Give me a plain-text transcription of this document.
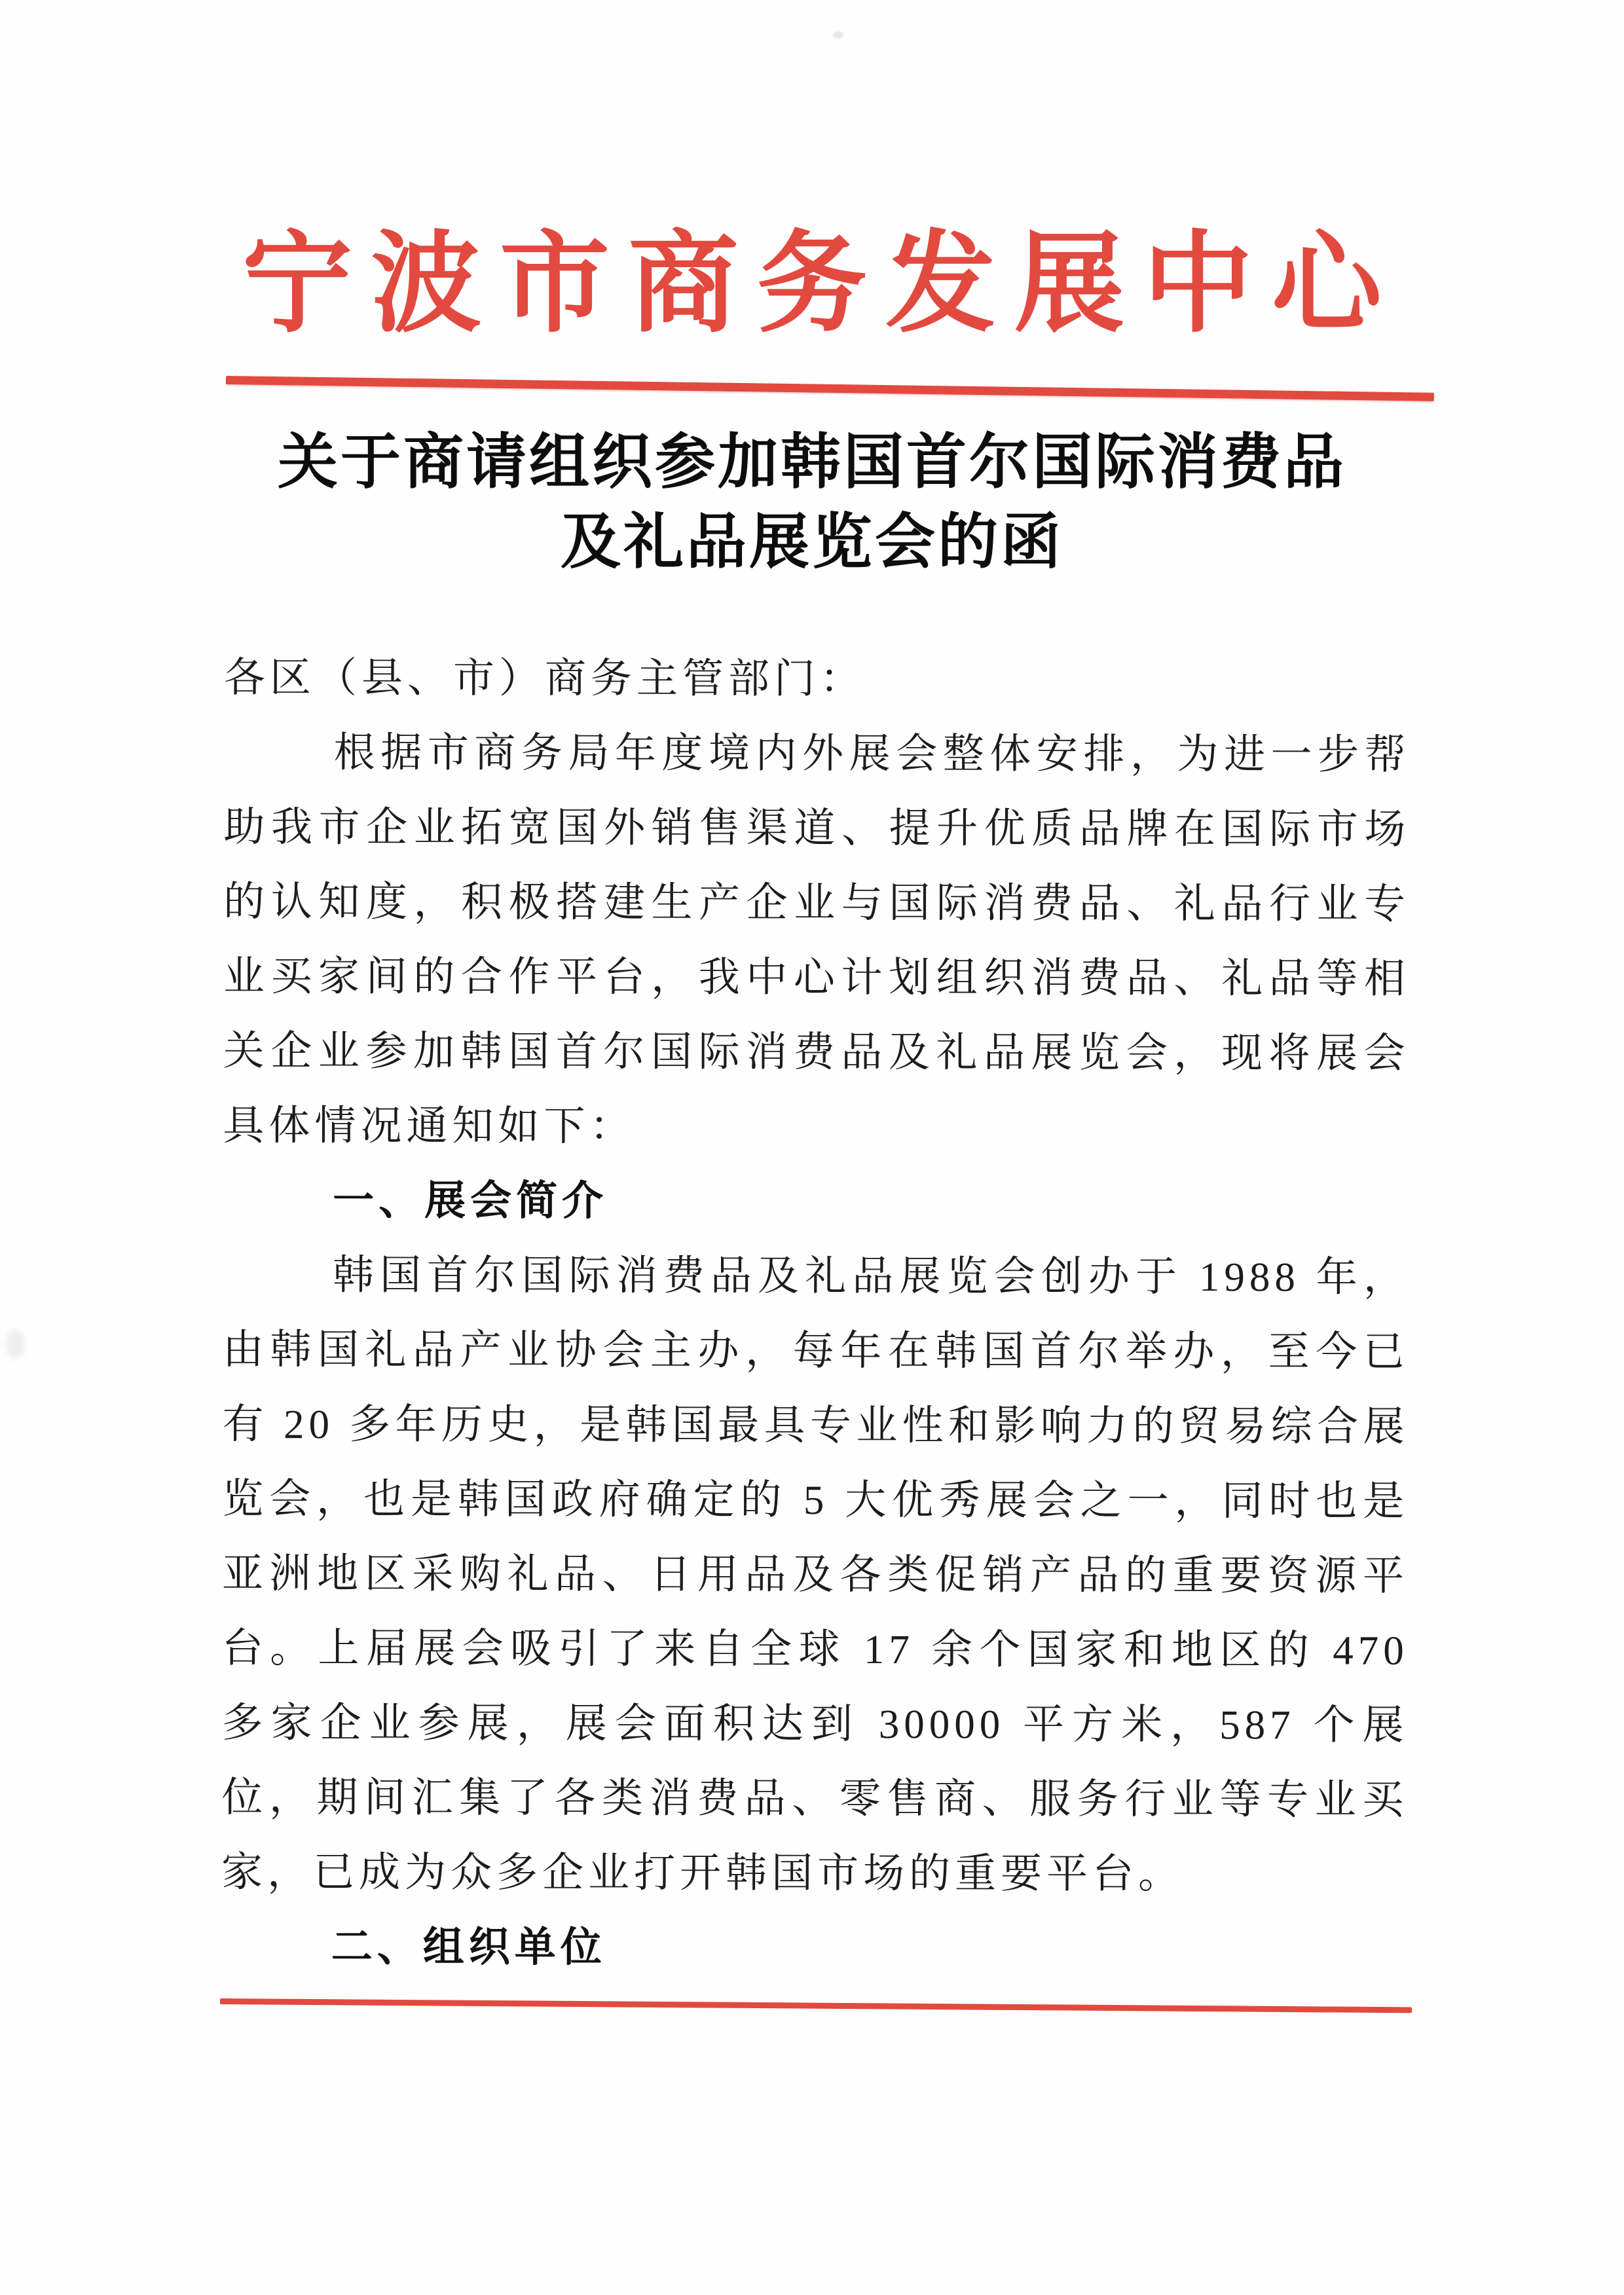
宁波市商务发展中心
关于商请组织参加韩国首尔国际消费品
及礼品展览会的函

各区（县、市）商务主管部门：

根据市商务局年度境内外展会整体安排，为进一步帮助我市企业拓宽国外销售渠道、提升优质品牌在国际市场的认知度，积极搭建生产企业与国际消费品、礼品行业专业买家间的合作平台，我中心计划组织消费品、礼品等相关企业参加韩国首尔国际消费品及礼品展览会，现将展会具体情况通知如下：

一、展会简介

韩国首尔国际消费品及礼品展览会创办于 1988 年，由韩国礼品产业协会主办，每年在韩国首尔举办，至今已有 20 多年历史，是韩国最具专业性和影响力的贸易综合展览会，也是韩国政府确定的 5 大优秀展会之一，同时也是亚洲地区采购礼品、日用品及各类促销产品的重要资源平台。上届展会吸引了来自全球 17 余个国家和地区的 470 多家企业参展，展会面积达到 30000 平方米，587 个展位，期间汇集了各类消费品、零售商、服务行业等专业买家，已成为众多企业打开韩国市场的重要平台。

二、组织单位
